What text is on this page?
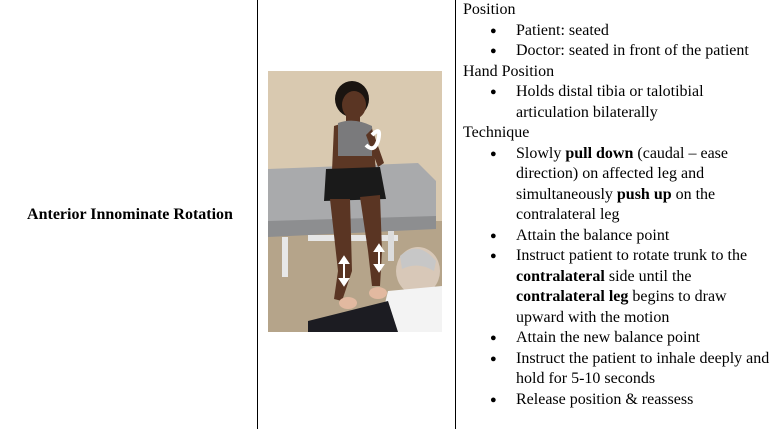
Anterior Innominate Rotation
Position
● Patient: seated
● Doctor: seated in front of the patient
Hand Position
● Holds distal tibia or talotibial articulation bilaterally
Technique
● Slowly pull down (caudal – ease direction) on affected leg and simultaneously push up on the contralateral leg
● Attain the balance point
● Instruct patient to rotate trunk to the contralateral side until the contralateral leg begins to draw upward with the motion
● Attain the new balance point
● Instruct the patient to inhale deeply and hold for 5-10 seconds
● Release position & reassess
